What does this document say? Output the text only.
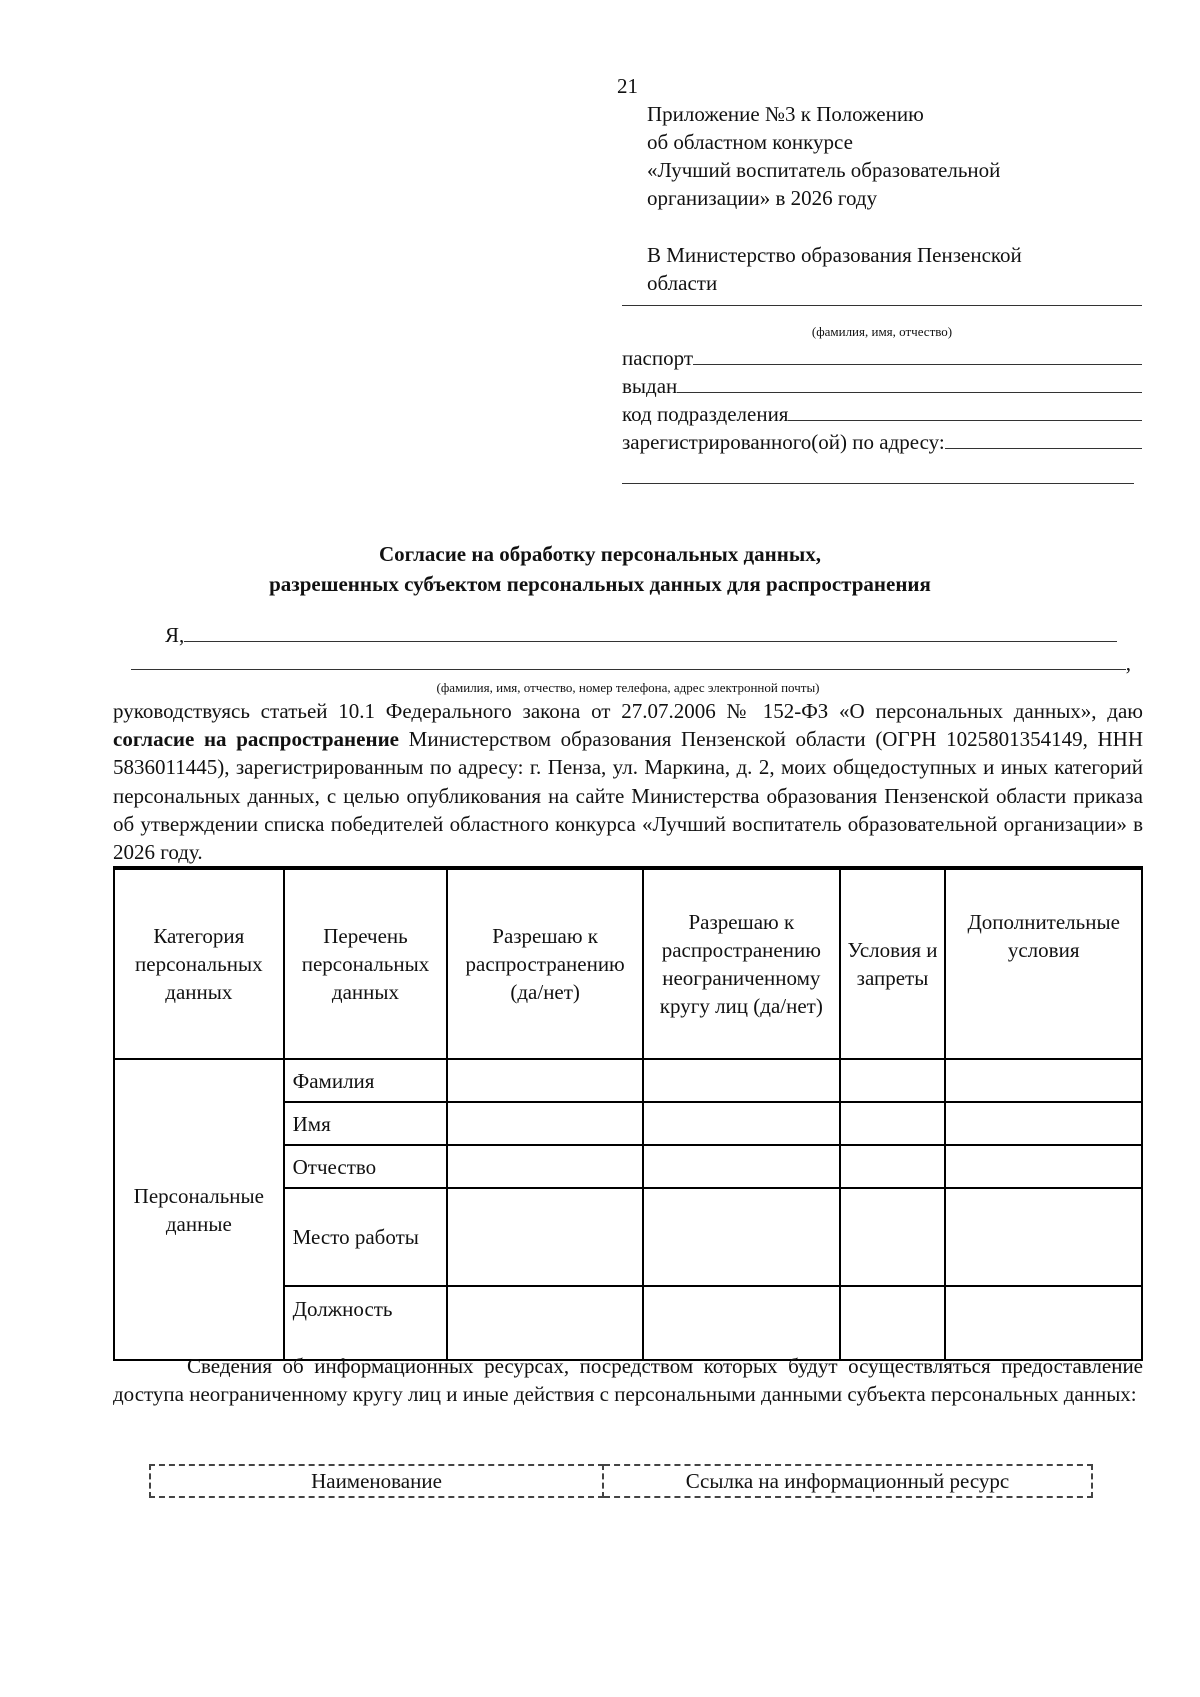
21
Приложение №3 к Положению
об областном конкурсе
«Лучший воспитатель образовательной
организации» в 2026 году
В Министерство образования Пензенской
области
(фамилия, имя, отчество)
паспорт
выдан
код подразделения
зарегистрированного(ой) по адресу:
Согласие на обработку персональных данных,
разрешенных субъектом персональных данных для распространения
Я,
,
(фамилия, имя, отчество, номер телефона, адрес электронной почты)
руководствуясь статьей 10.1 Федерального закона от 27.07.2006 № 152-ФЗ «О персональных данных», даю согласие на распространение Министерством образования Пензенской области (ОГРН 1025801354149, ННН 5836011445), зарегистрированным по адресу: г. Пенза, ул. Маркина, д. 2, моих общедоступных и иных категорий персональных данных, с целью опубликования на сайте Министерства образования Пензенской области приказа об утверждении списка победителей областного конкурса «Лучший воспитатель образовательной организации» в 2026 году.
Категория персональных данных	Перечень персональных данных	Разрешаю к распространению (да/нет)	Разрешаю к распространению неограниченному кругу лиц (да/нет)	Условия и запреты	Дополнительные условия
Персональные данные	Фамилия				
	Имя				
	Отчество				
	Место работы				
	Должность				
Сведения об информационных ресурсах, посредством которых будут осуществляться предоставление доступа неограниченному кругу лиц и иные действия с персональными данными субъекта персональных данных:
Наименование	Ссылка на информационный ресурс
